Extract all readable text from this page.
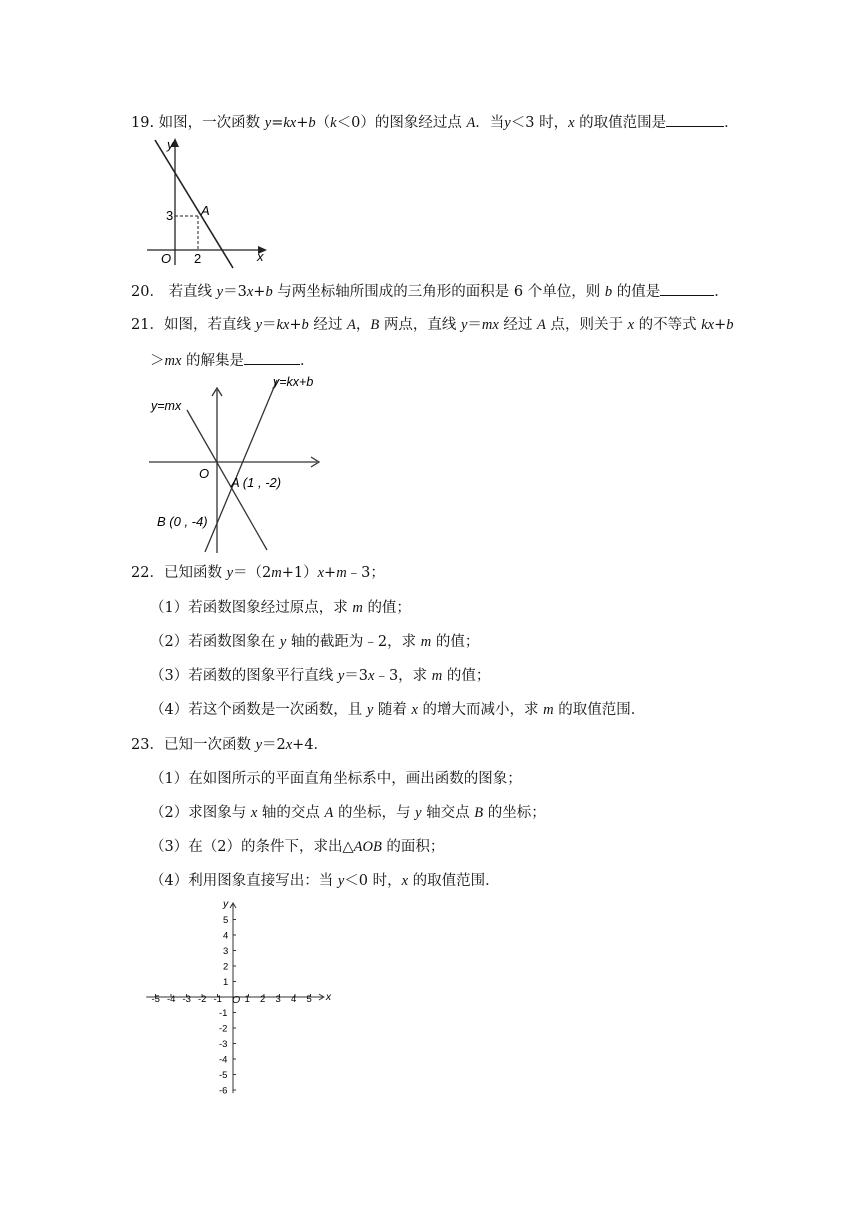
19. 如图，一次函数 y=kx+b（k＜0）的图象经过点 A．当y＜3 时，x 的取值范围是	．
y
x
O
3
2
A
20． 若直线 y＝3x+b 与两坐标轴所围成的三角形的面积是 6 个单位，则 b 的值是	．
21．如图，若直线 y＝kx+b 经过 A，B 两点，直线 y＝mx 经过 A 点，则关于 x 的不等式 kx+b
＞mx 的解集是	．
y=mx
y=kx+b
O
A (1 , -2)
B (0 , -4)
22．已知函数 y＝（2m+1）x+m﹣3；
（1）若函数图象经过原点，求 m 的值；
（2）若函数图象在 y 轴的截距为﹣2，求 m 的值；
（3）若函数的图象平行直线 y＝3x﹣3，求 m 的值；
（4）若这个函数是一次函数，且 y 随着 x 的增大而减小，求 m 的取值范围．
23．已知一次函数 y＝2x+4．
（1）在如图所示的平面直角坐标系中，画出函数的图象；
（2）求图象与 x 轴的交点 A 的坐标，与 y 轴交点 B 的坐标；
（3）在（2）的条件下，求出△AOB 的面积；
（4）利用图象直接写出：当 y＜0 时，x 的取值范围．
-5 -4 -3 -2 -1 1 2 3 4 5
1
2
3
4
5
-1
-2
-3
-4
-5
-6
x
y
O
